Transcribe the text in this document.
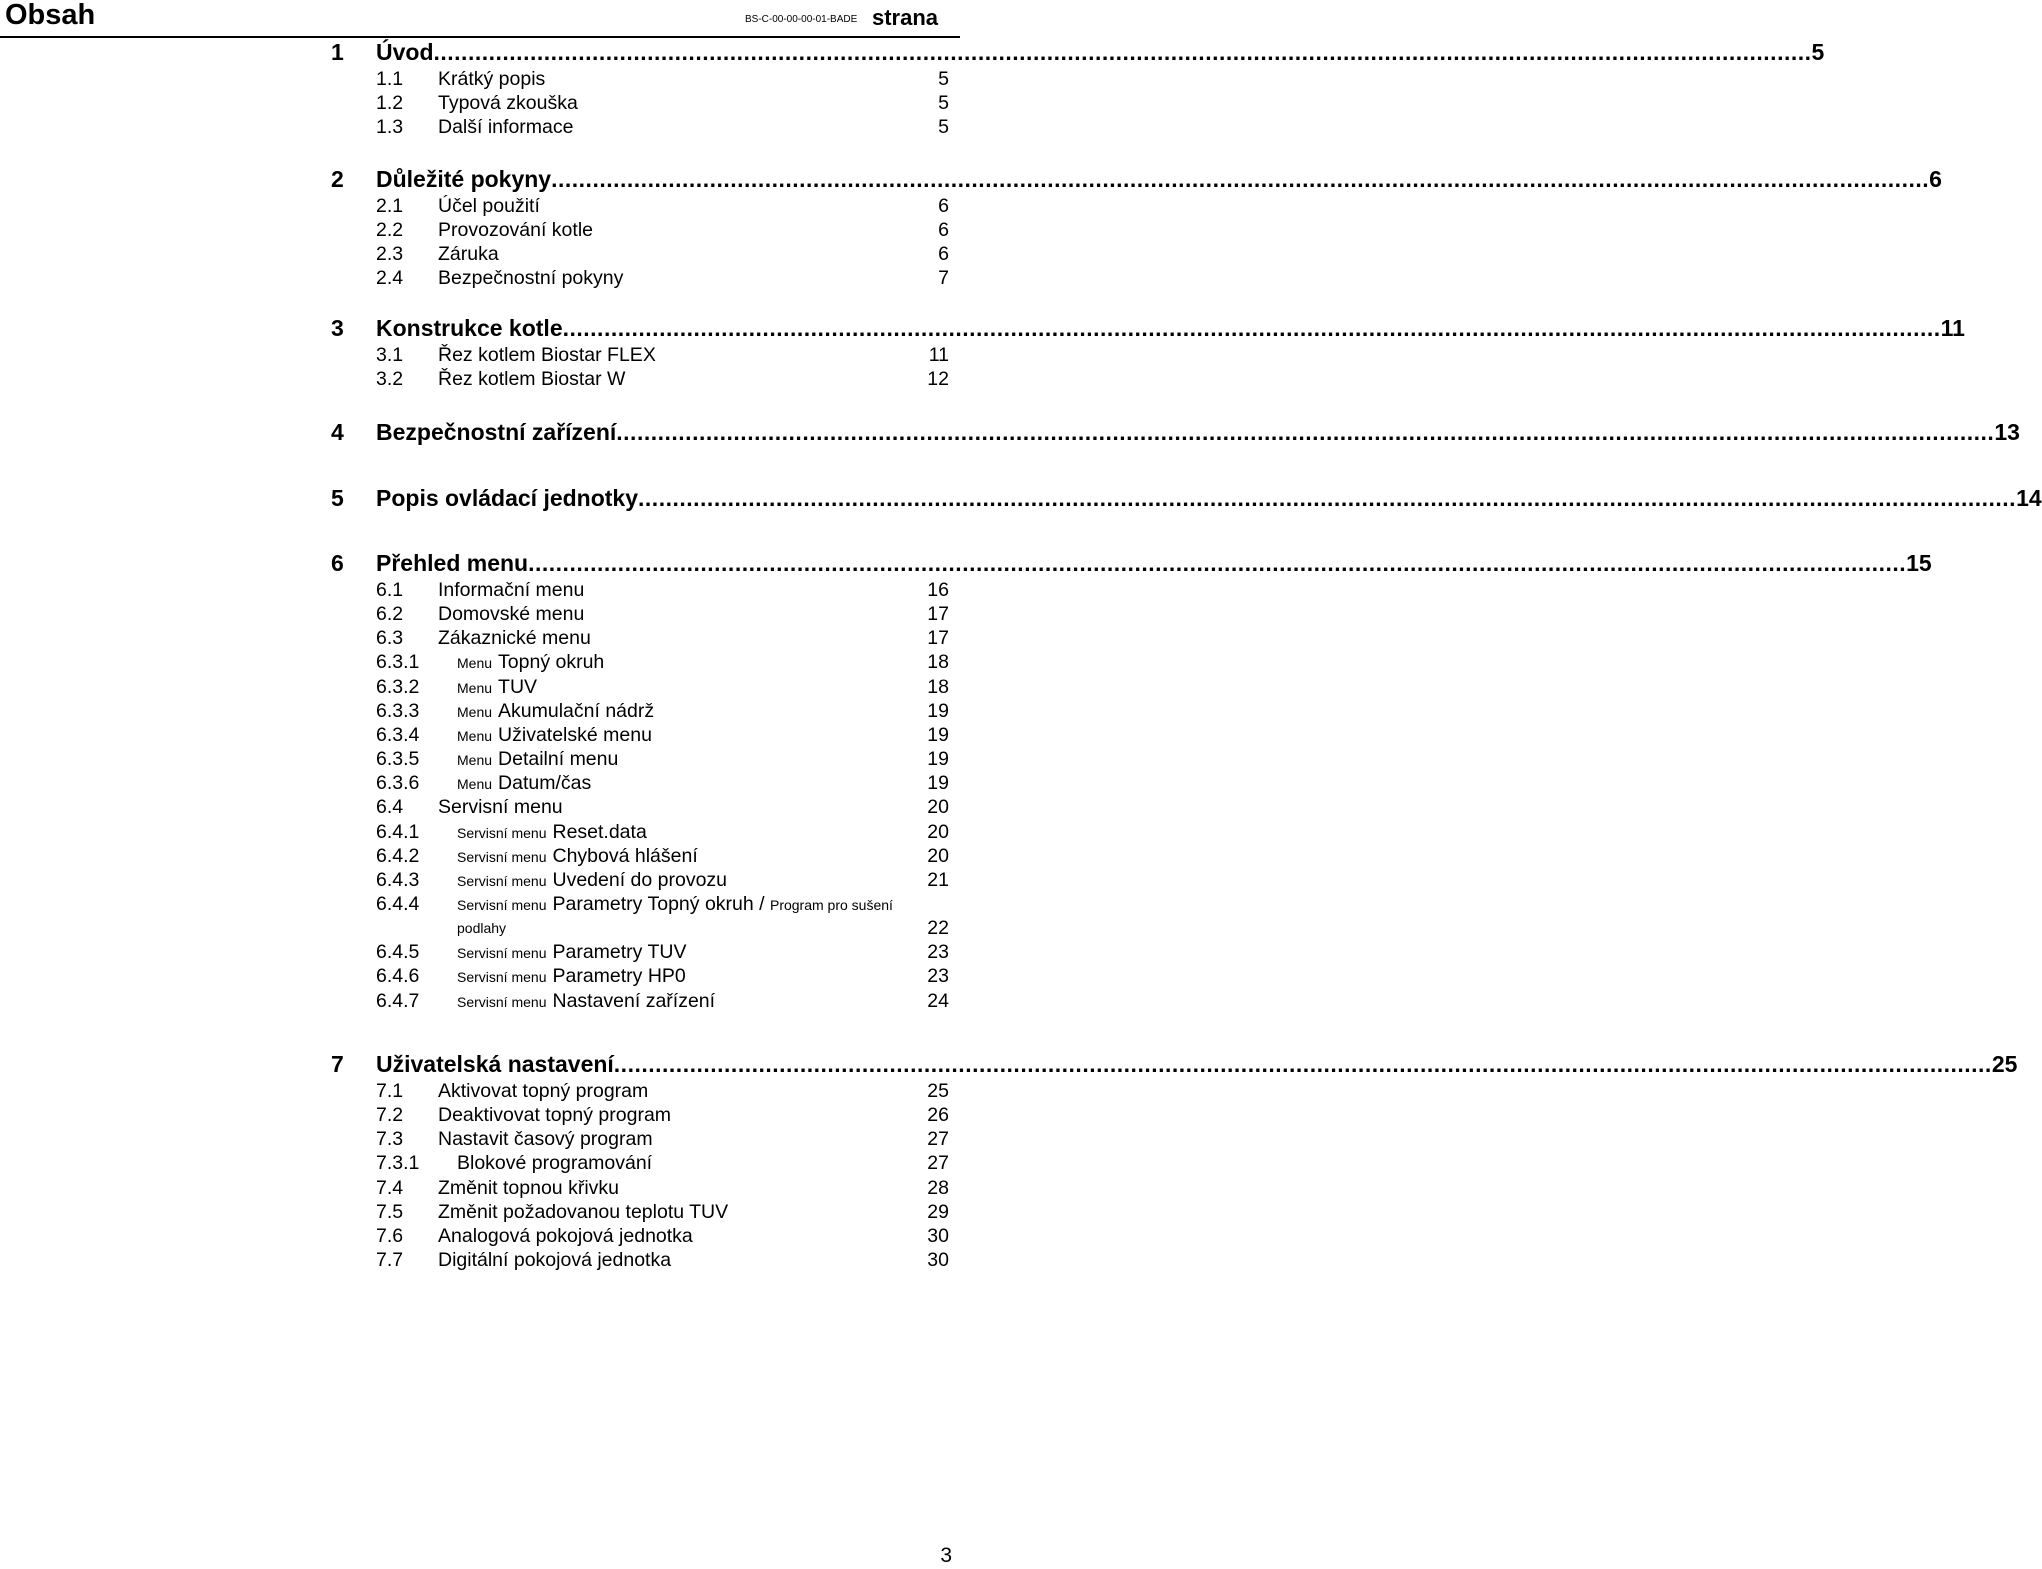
Obsah	BS-C-00-00-00-01-BADE strana
1	Úvod ........................................................................................................................................................................................................ 5
1.1 Krátký popis	5
1.2 Typová zkouška	5
1.3 Další informace	5
2	Důležité pokyny ........................................................................................................................................................................................................ 6
2.1 Účel použití	6
2.2 Provozování kotle	6
2.3 Záruka	6
2.4 Bezpečnostní pokyny	7
3	Konstrukce kotle ........................................................................................................................................................................................................ 11
3.1 Řez kotlem Biostar FLEX	11
3.2 Řez kotlem Biostar W	12
4	Bezpečnostní zařízení ........................................................................................................................................................................................................ 13
5	Popis ovládací jednotky ........................................................................................................................................................................................................ 14
6	Přehled menu ........................................................................................................................................................................................................ 15
6.1 Informační menu	16
6.2 Domovské menu	17
6.3 Zákaznické menu	17
6.3.1	Menu Topný okruh	18
6.3.2	Menu TUV	18
6.3.3	Menu Akumulační nádrž	19
6.3.4	Menu Uživatelské menu	19
6.3.5	Menu Detailní menu	19
6.3.6	Menu Datum/čas	19
6.4 Servisní menu	20
6.4.1	Servisní menu Reset.data	20
6.4.2	Servisní menu Chybová hlášení	20
6.4.3	Servisní menu Uvedení do provozu	21
6.4.4	Servisní menu Parametry Topný okruh / Program pro sušení
podlahy	22
6.4.5	Servisní menu Parametry TUV	23
6.4.6	Servisní menu Parametry HP0	23
6.4.7	Servisní menu Nastavení zařízení	24
7	Uživatelská nastavení ........................................................................................................................................................................................................ 25
7.1 Aktivovat topný program	25
7.2 Deaktivovat topný program	26
7.3 Nastavit časový program	27
7.3.1 Blokové programování	27
7.4 Změnit topnou křivku	28
7.5 Změnit požadovanou teplotu TUV	29
7.6 Analogová pokojová jednotka	30
7.7 Digitální pokojová jednotka	30
3
